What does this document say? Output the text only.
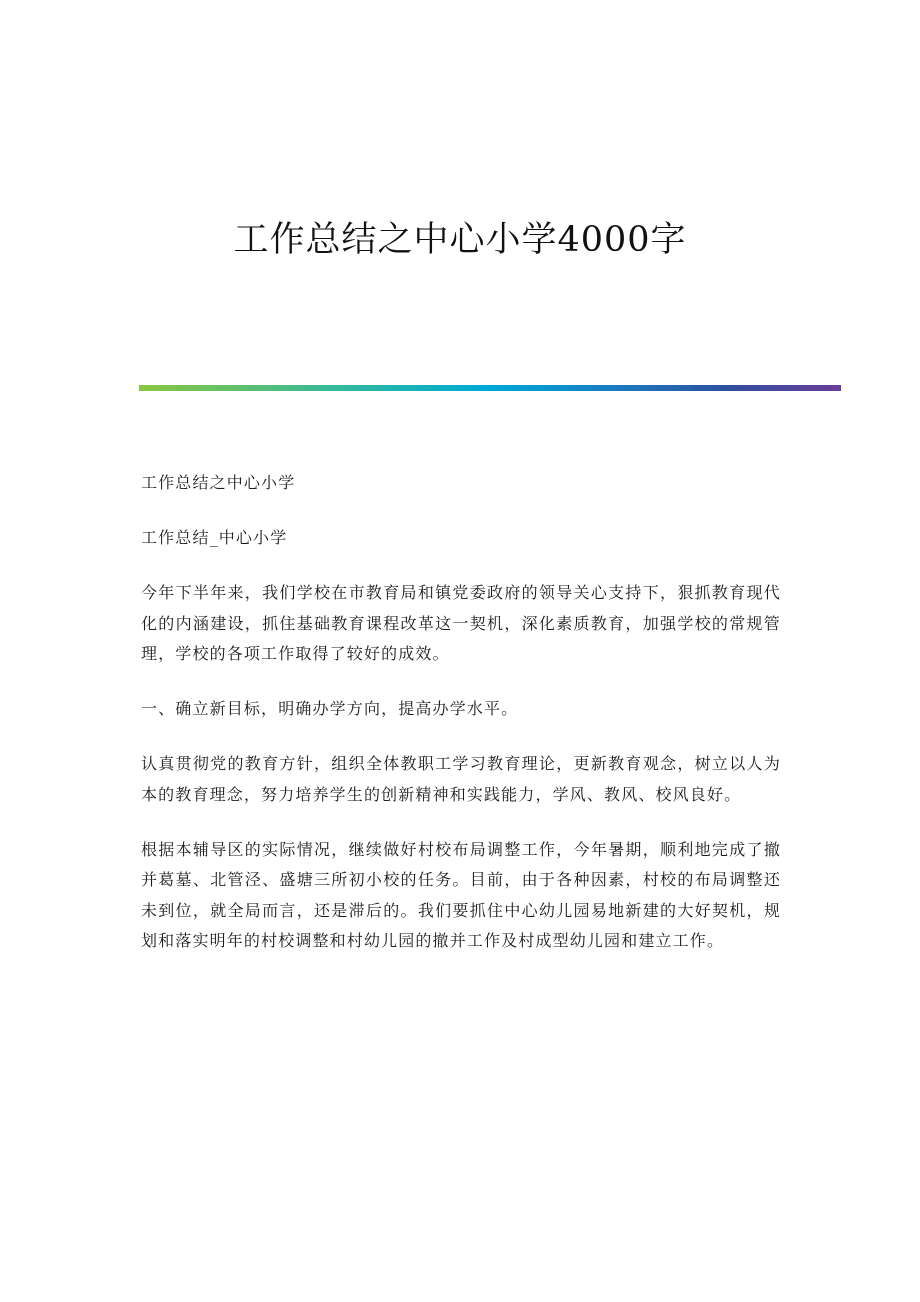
工作总结之中心小学4000字

工作总结之中心小学

工作总结_中心小学

今年下半年来，我们学校在市教育局和镇党委政府的领导关心支持下，狠抓教育现代化的内涵建设，抓住基础教育课程改革这一契机，深化素质教育，加强学校的常规管理，学校的各项工作取得了较好的成效。

一、确立新目标，明确办学方向，提高办学水平。

认真贯彻党的教育方针，组织全体教职工学习教育理论，更新教育观念，树立以人为本的教育理念，努力培养学生的创新精神和实践能力，学风、教风、校风良好。

根据本辅导区的实际情况，继续做好村校布局调整工作，今年暑期，顺利地完成了撤并葛墓、北管泾、盛塘三所初小校的任务。目前，由于各种因素，村校的布局调整还未到位，就全局而言，还是滞后的。我们要抓住中心幼儿园易地新建的大好契机，规划和落实明年的村校调整和村幼儿园的撤并工作及村成型幼儿园和建立工作。
